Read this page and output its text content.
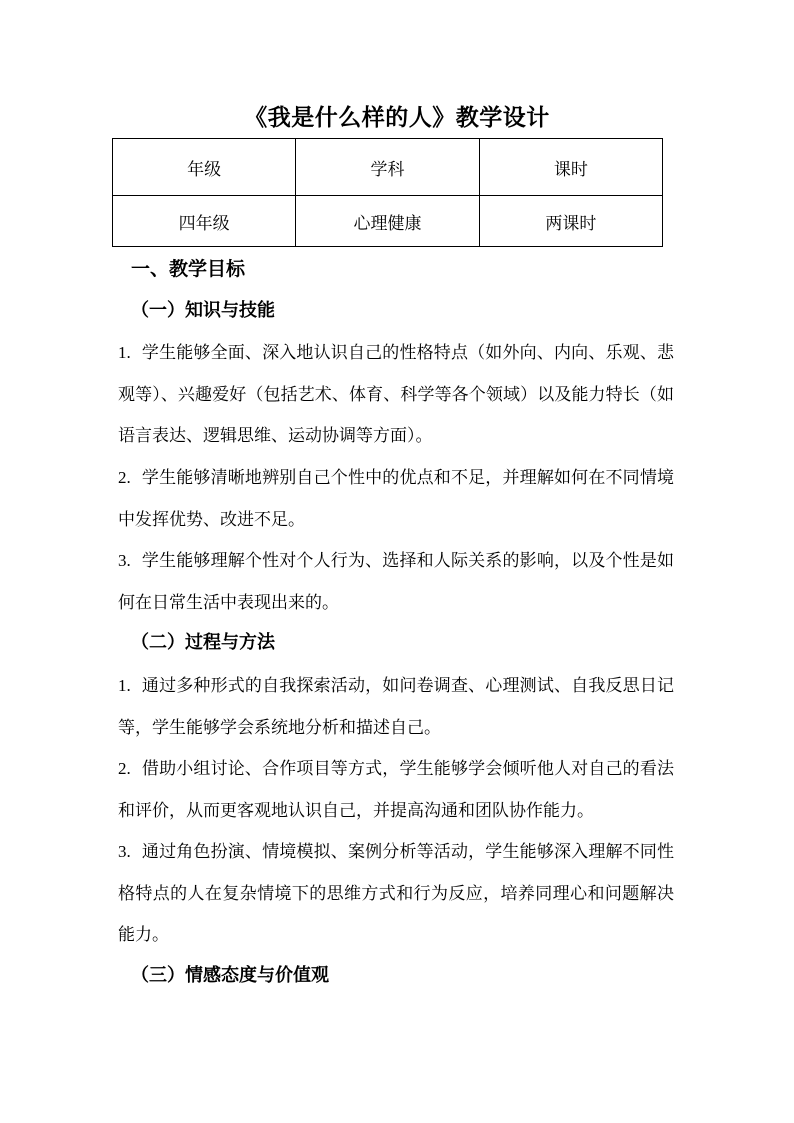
《我是什么样的人》教学设计
年级	学科	课时
四年级	心理健康	两课时
一、教学目标
（一）知识与技能
1. 学生能够全面、深入地认识自己的性格特点（如外向、内向、乐观、悲观等）、兴趣爱好（包括艺术、体育、科学等各个领域）以及能力特长（如语言表达、逻辑思维、运动协调等方面）。
2. 学生能够清晰地辨别自己个性中的优点和不足，并理解如何在不同情境中发挥优势、改进不足。
3. 学生能够理解个性对个人行为、选择和人际关系的影响，以及个性是如何在日常生活中表现出来的。
（二）过程与方法
1. 通过多种形式的自我探索活动，如问卷调查、心理测试、自我反思日记等，学生能够学会系统地分析和描述自己。
2. 借助小组讨论、合作项目等方式，学生能够学会倾听他人对自己的看法和评价，从而更客观地认识自己，并提高沟通和团队协作能力。
3. 通过角色扮演、情境模拟、案例分析等活动，学生能够深入理解不同性格特点的人在复杂情境下的思维方式和行为反应，培养同理心和问题解决能力。
（三）情感态度与价值观
